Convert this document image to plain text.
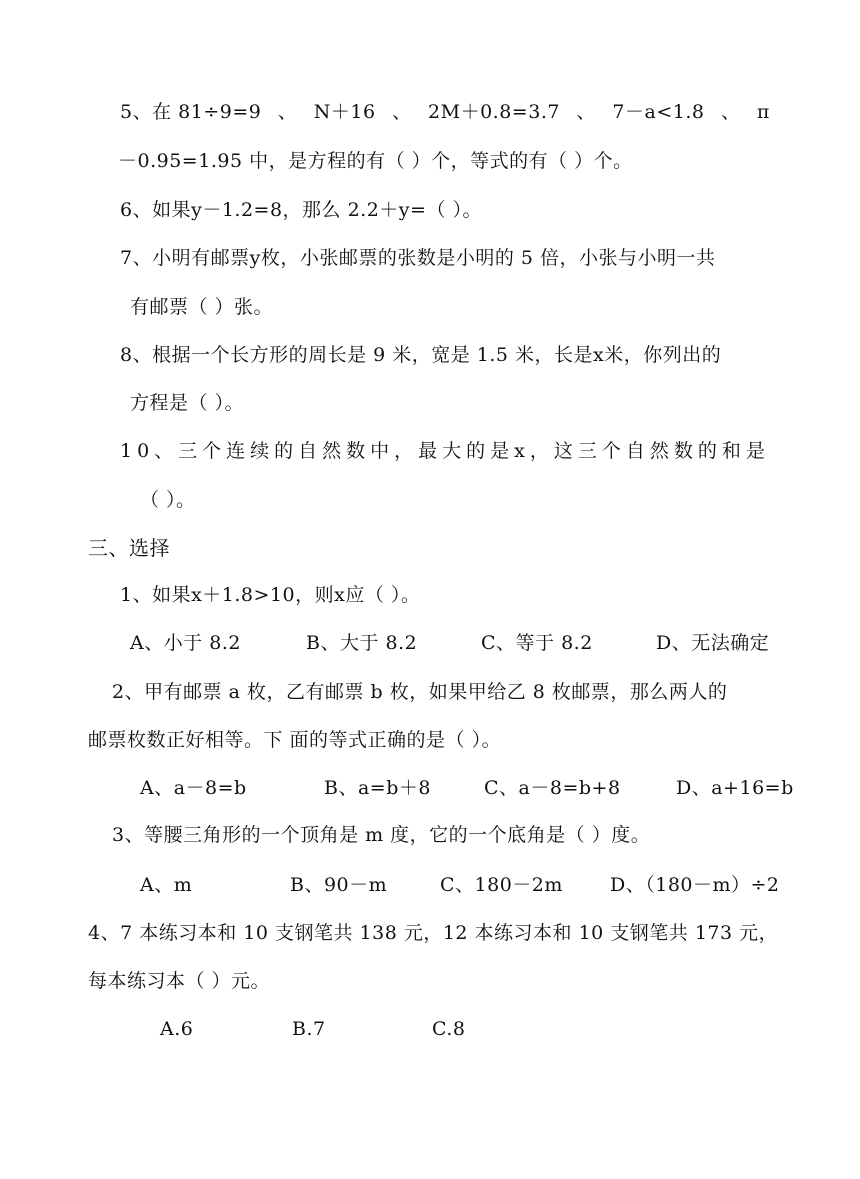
5、在 81÷9=9 、 N＋16 、 2M＋0.8=3.7 、 7－a<1.8 、 π
－0.95=1.95 中，是方程的有（ ）个，等式的有（ ）个。
6、如果y－1.2=8，那么 2.2＋y=（ ）。
7、小明有邮票y枚，小张邮票的张数是小明的 5 倍，小张与小明一共
有邮票（ ）张。
8、根据一个长方形的周长是 9 米，宽是 1.5 米，长是x米，你列出的
方程是（ ）。
10、三个连续的自然数中，最大的是x，这三个自然数的和是
（ ）。
三、选择
1、如果x＋1.8>10，则x应（ ）。
A、小于 8.2	B、大于 8.2	C、等于 8.2	D、无法确定
2、甲有邮票 a 枚，乙有邮票 b 枚，如果甲给乙 8 枚邮票，那么两人的
邮票枚数正好相等。下 面的等式正确的是（ ）。
A、a－8=b	B、a=b＋8	C、a－8=b+8	D、a+16=b
3、等腰三角形的一个顶角是 m 度，它的一个底角是（ ）度。
A、m	B、90－m	C、180－2m D、（180－m）÷2
4、7 本练习本和 10 支钢笔共 138 元，12 本练习本和 10 支钢笔共 173 元，
每本练习本（ ）元。
A.6	B.7	C.8
